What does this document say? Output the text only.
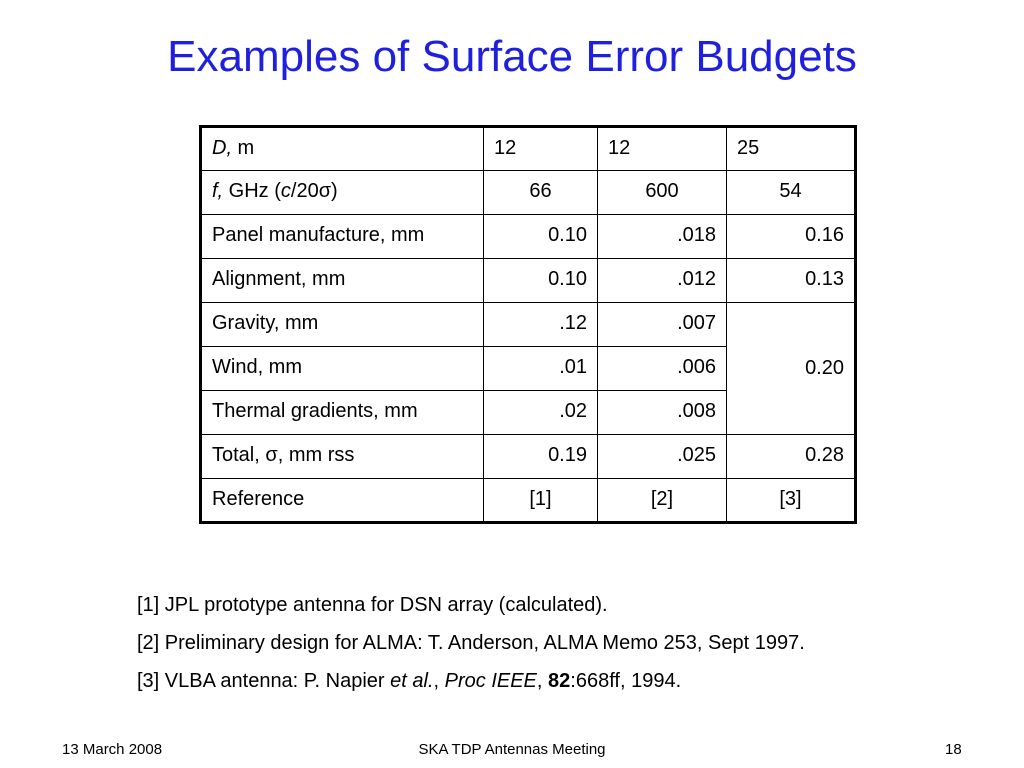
Examples of Surface Error Budgets
D, m	12	12	25
f, GHz (c/20σ)	66	600	54
Panel manufacture, mm	0.10	.018	0.16
Alignment, mm	0.10	.012	0.13
Gravity, mm	.12	.007	0.20
Wind, mm	.01	.006	
Thermal gradients, mm	.02	.008	
Total, σ, mm rss	0.19	.025	0.28
Reference	[1]	[2]	[3]
[1] JPL prototype antenna for DSN array (calculated).
[2] Preliminary design for ALMA: T. Anderson, ALMA Memo 253, Sept 1997.
[3] VLBA antenna: P. Napier et al., Proc IEEE, 82:668ff, 1994.
13 March 2008	SKA TDP Antennas Meeting	18
